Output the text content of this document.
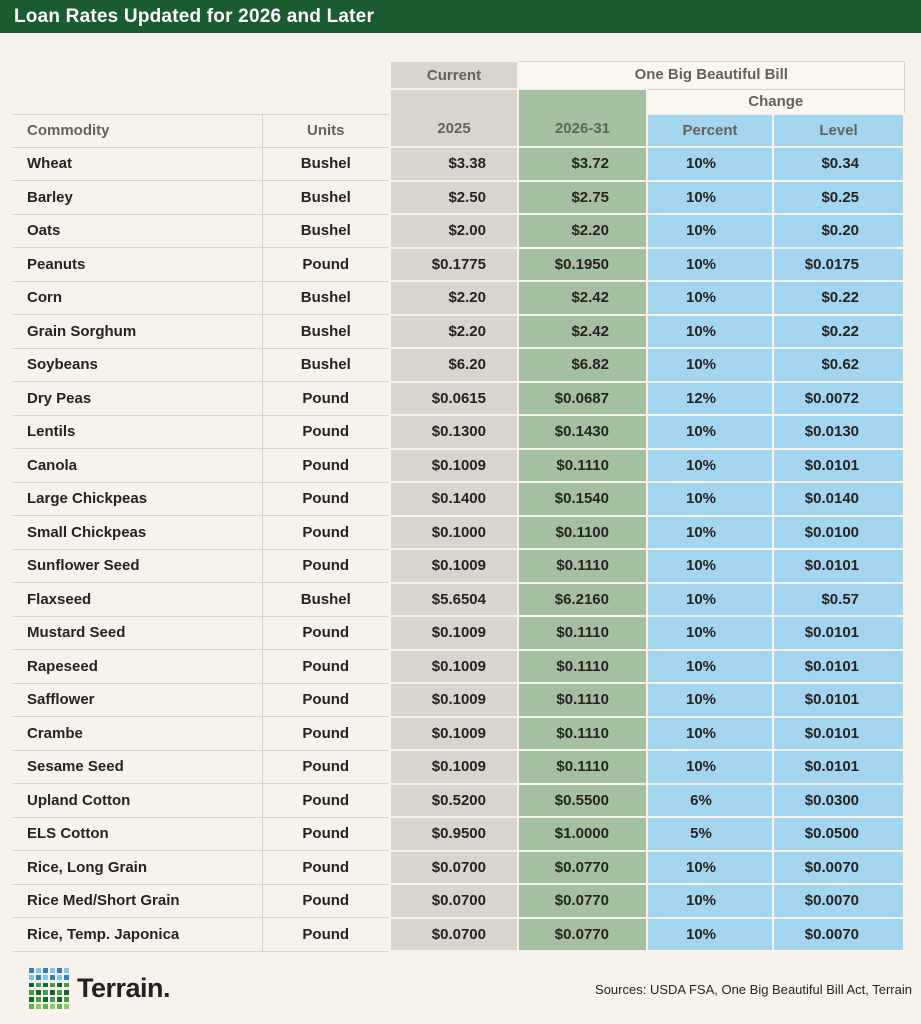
Loan Rates Updated for 2026 and Later
		Current	One Big Beautiful Bill		
		2025	2026-31	Change	
Commodity	Units			Percent	Level
Wheat	Bushel	$3.38	$3.72	10%	$0.34
Barley	Bushel	$2.50	$2.75	10%	$0.25
Oats	Bushel	$2.00	$2.20	10%	$0.20
Peanuts	Pound	$0.1775	$0.1950	10%	$0.0175
Corn	Bushel	$2.20	$2.42	10%	$0.22
Grain Sorghum	Bushel	$2.20	$2.42	10%	$0.22
Soybeans	Bushel	$6.20	$6.82	10%	$0.62
Dry Peas	Pound	$0.0615	$0.0687	12%	$0.0072
Lentils	Pound	$0.1300	$0.1430	10%	$0.0130
Canola	Pound	$0.1009	$0.1110	10%	$0.0101
Large Chickpeas	Pound	$0.1400	$0.1540	10%	$0.0140
Small Chickpeas	Pound	$0.1000	$0.1100	10%	$0.0100
Sunflower Seed	Pound	$0.1009	$0.1110	10%	$0.0101
Flaxseed	Bushel	$5.6504	$6.2160	10%	$0.57
Mustard Seed	Pound	$0.1009	$0.1110	10%	$0.0101
Rapeseed	Pound	$0.1009	$0.1110	10%	$0.0101
Safflower	Pound	$0.1009	$0.1110	10%	$0.0101
Crambe	Pound	$0.1009	$0.1110	10%	$0.0101
Sesame Seed	Pound	$0.1009	$0.1110	10%	$0.0101
Upland Cotton	Pound	$0.5200	$0.5500	6%	$0.0300
ELS Cotton	Pound	$0.9500	$1.0000	5%	$0.0500
Rice, Long Grain	Pound	$0.0700	$0.0770	10%	$0.0070
Rice Med/Short Grain	Pound	$0.0700	$0.0770	10%	$0.0070
Rice, Temp. Japonica	Pound	$0.0700	$0.0770	10%	$0.0070
Terrain.	Sources: USDA FSA, One Big Beautiful Bill Act, Terrain
